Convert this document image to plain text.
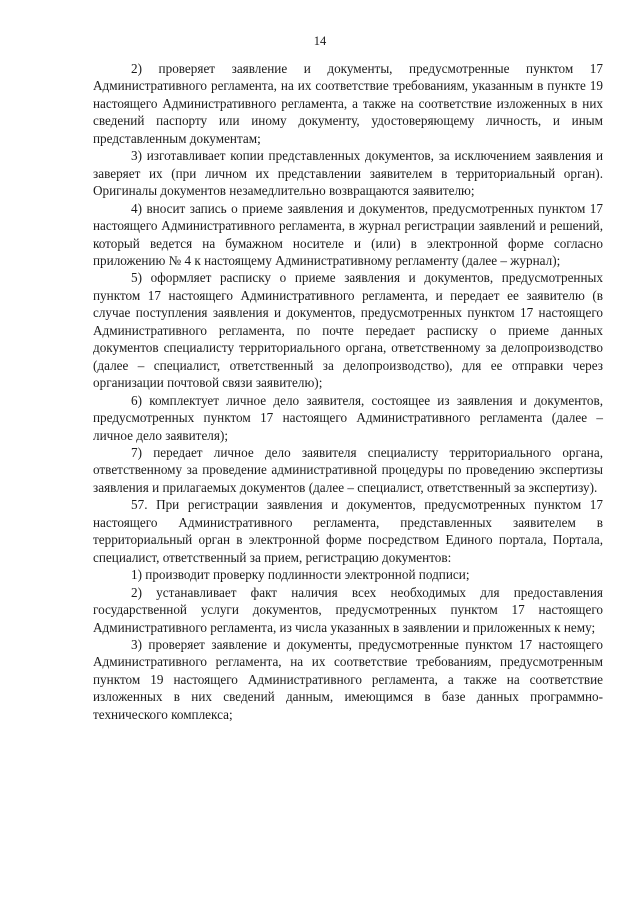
14

2) проверяет заявление и документы, предусмотренные пунктом 17 Административного регламента, на их соответствие требованиям, указанным в пункте 19 настоящего Административного регламента, а также на соответствие изложенных в них сведений паспорту или иному документу, удостоверяющему личность, и иным представленным документам;

3) изготавливает копии представленных документов, за исключением заявления и заверяет их (при личном их представлении заявителем в территориальный орган). Оригиналы документов незамедлительно возвращаются заявителю;

4) вносит запись о приеме заявления и документов, предусмотренных пунктом 17 настоящего Административного регламента, в журнал регистрации заявлений и решений, который ведется на бумажном носителе и (или) в электронной форме согласно приложению № 4 к настоящему Административному регламенту (далее – журнал);

5) оформляет расписку о приеме заявления и документов, предусмотренных пунктом 17 настоящего Административного регламента, и передает ее заявителю (в случае поступления заявления и документов, предусмотренных пунктом 17 настоящего Административного регламента, по почте передает расписку о приеме данных документов специалисту территориального органа, ответственному за делопроизводство (далее – специалист, ответственный за делопроизводство), для ее отправки через организации почтовой связи заявителю);

6) комплектует личное дело заявителя, состоящее из заявления и документов, предусмотренных пунктом 17 настоящего Административного регламента (далее – личное дело заявителя);

7) передает личное дело заявителя специалисту территориального органа, ответственному за проведение административной процедуры по проведению экспертизы заявления и прилагаемых документов (далее – специалист, ответственный за экспертизу).

57. При регистрации заявления и документов, предусмотренных пунктом 17 настоящего Административного регламента, представленных заявителем в территориальный орган в электронной форме посредством Единого портала, Портала, специалист, ответственный за прием, регистрацию документов:

1) производит проверку подлинности электронной подписи;

2) устанавливает факт наличия всех необходимых для предоставления государственной услуги документов, предусмотренных пунктом 17 настоящего Административного регламента, из числа указанных в заявлении и приложенных к нему;

3) проверяет заявление и документы, предусмотренные пунктом 17 настоящего Административного регламента, на их соответствие требованиям, предусмотренным пунктом 19 настоящего Административного регламента, а также на соответствие изложенных в них сведений данным, имеющимся в базе данных программно-технического комплекса;
